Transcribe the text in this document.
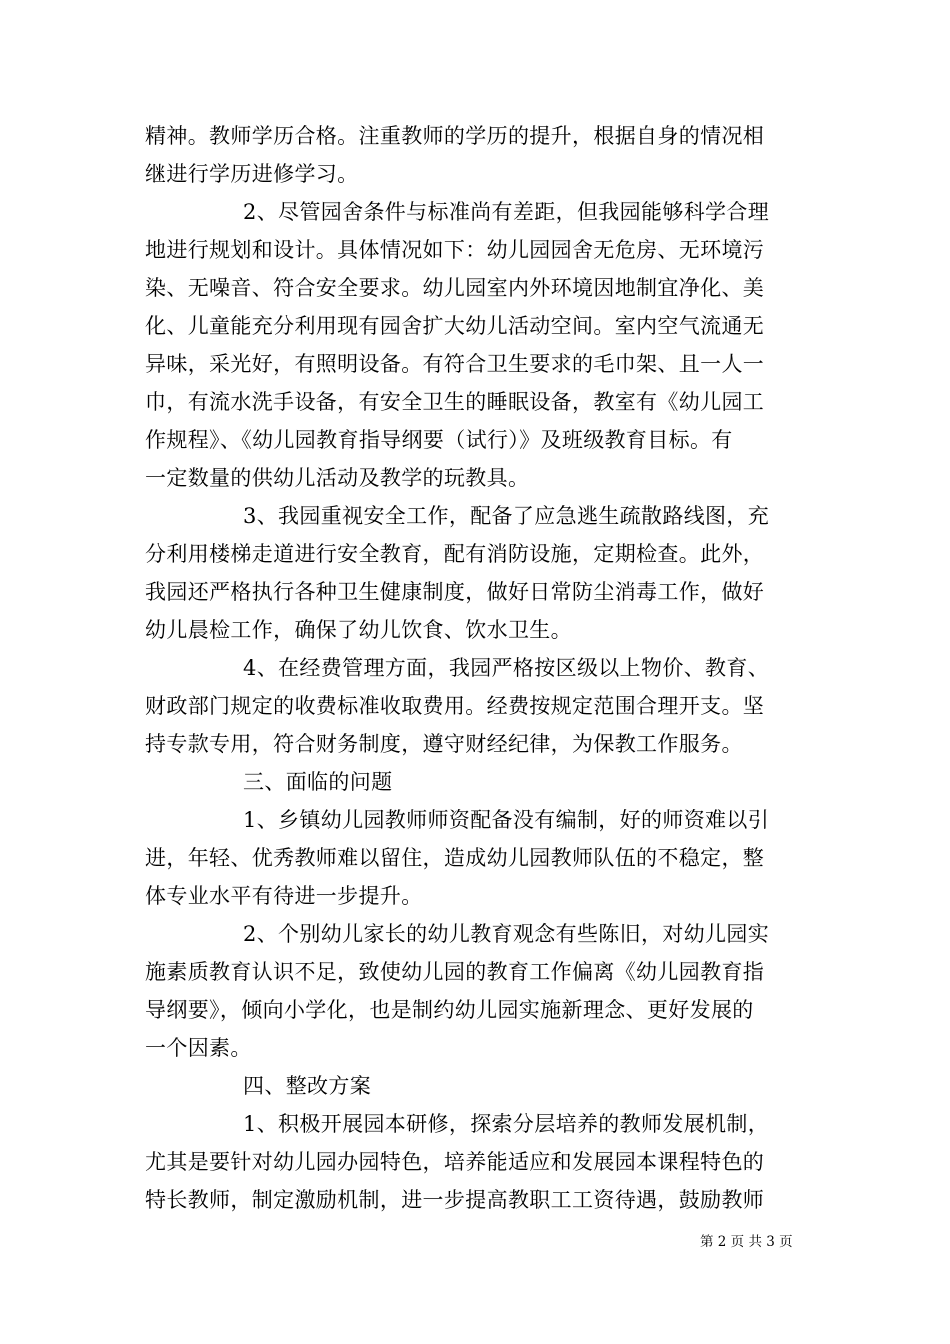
精神。教师学历合格。注重教师的学历的提升，根据自身的情况相
继进行学历进修学习。
2、尽管园舍条件与标准尚有差距，但我园能够科学合理
地进行规划和设计。具体情况如下：幼儿园园舍无危房、无环境污
染、无噪音、符合安全要求。幼儿园室内外环境因地制宜净化、美
化、儿童能充分利用现有园舍扩大幼儿活动空间。室内空气流通无
异味，采光好，有照明设备。有符合卫生要求的毛巾架、且一人一
巾，有流水洗手设备，有安全卫生的睡眠设备，教室有《幼儿园工
作规程》、《幼儿园教育指导纲要（试行）》及班级教育目标。有
一定数量的供幼儿活动及教学的玩教具。
3、我园重视安全工作，配备了应急逃生疏散路线图，充
分利用楼梯走道进行安全教育，配有消防设施，定期检查。此外，
我园还严格执行各种卫生健康制度，做好日常防尘消毒工作，做好
幼儿晨检工作，确保了幼儿饮食、饮水卫生。
4、在经费管理方面，我园严格按区级以上物价、教育、
财政部门规定的收费标准收取费用。经费按规定范围合理开支。坚
持专款专用，符合财务制度，遵守财经纪律，为保教工作服务。
三、面临的问题
1、乡镇幼儿园教师师资配备没有编制，好的师资难以引
进，年轻、优秀教师难以留住，造成幼儿园教师队伍的不稳定，整
体专业水平有待进一步提升。
2、个别幼儿家长的幼儿教育观念有些陈旧，对幼儿园实
施素质教育认识不足，致使幼儿园的教育工作偏离《幼儿园教育指
导纲要》，倾向小学化，也是制约幼儿园实施新理念、更好发展的
一个因素。
四、整改方案
1、积极开展园本研修，探索分层培养的教师发展机制，
尤其是要针对幼儿园办园特色，培养能适应和发展园本课程特色的
特长教师，制定激励机制，进一步提高教职工工资待遇，鼓励教师
第 2 页 共 3 页
